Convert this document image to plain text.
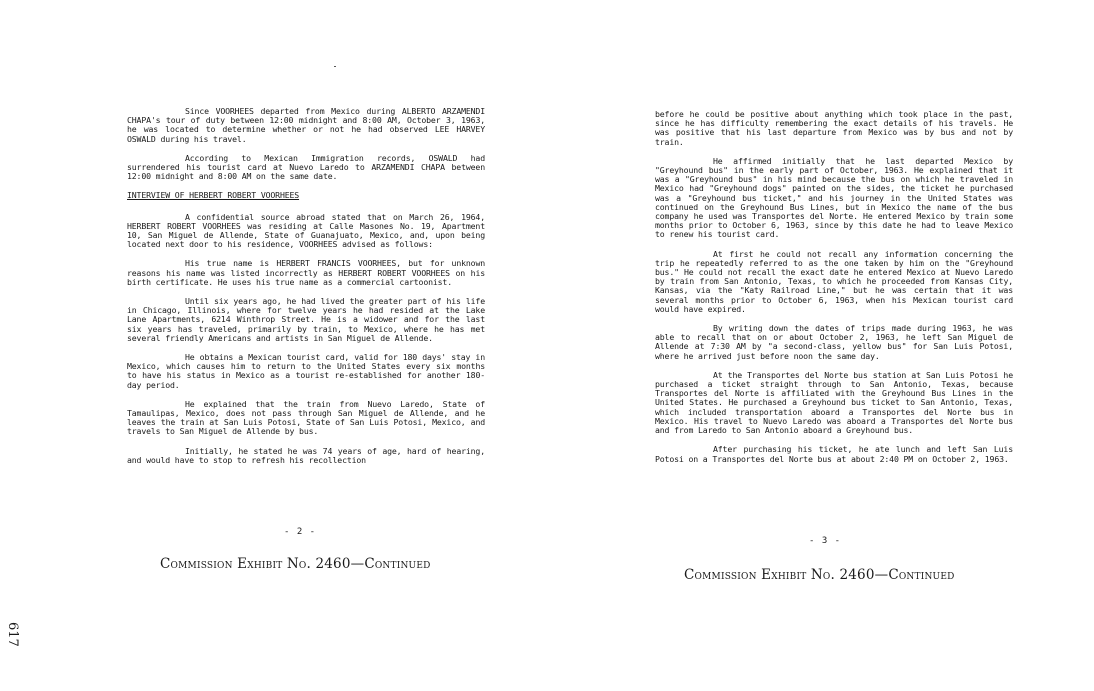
Since VOORHEES departed from Mexico during ALBERTO ARZAMENDI CHAPA's tour of duty between 12:00 midnight and 8:00 AM, October 3, 1963, he was located to determine whether or not he had observed LEE HARVEY OSWALD during his travel.

According to Mexican Immigration records, OSWALD had surrendered his tourist card at Nuevo Laredo to ARZAMENDI CHAPA between 12:00 midnight and 8:00 AM on the same date.

INTERVIEW OF HERBERT ROBERT VOORHEES

A confidential source abroad stated that on March 26, 1964, HERBERT ROBERT VOORHEES was residing at Calle Masones No. 19, Apartment 10, San Miguel de Allende, State of Guanajuato, Mexico, and, upon being located next door to his residence, VOORHEES advised as follows:

His true name is HERBERT FRANCIS VOORHEES, but for unknown reasons his name was listed incorrectly as HERBERT ROBERT VOORHEES on his birth certificate. He uses his true name as a commercial cartoonist.

Until six years ago, he had lived the greater part of his life in Chicago, Illinois, where for twelve years he had resided at the Lake Lane Apartments, 6214 Winthrop Street. He is a widower and for the last six years has traveled, primarily by train, to Mexico, where he has met several friendly Americans and artists in San Miguel de Allende.

He obtains a Mexican tourist card, valid for 180 days' stay in Mexico, which causes him to return to the United States every six months to have his status in Mexico as a tourist re-established for another 180-day period.

He explained that the train from Nuevo Laredo, State of Tamaulipas, Mexico, does not pass through San Miguel de Allende, and he leaves the train at San Luis Potosi, State of San Luis Potosi, Mexico, and travels to San Miguel de Allende by bus.

Initially, he stated he was 74 years of age, hard of hearing, and would have to stop to refresh his recollection

- 2 -
Commission Exhibit No. 2460—Continued
617

before he could be positive about anything which took place in the past, since he has difficulty remembering the exact details of his travels. He was positive that his last departure from Mexico was by bus and not by train.

He affirmed initially that he last departed Mexico by "Greyhound bus" in the early part of October, 1963. He explained that it was a "Greyhound bus" in his mind because the bus on which he traveled in Mexico had "Greyhound dogs" painted on the sides, the ticket he purchased was a "Greyhound bus ticket," and his journey in the United States was continued on the Greyhound Bus Lines, but in Mexico the name of the bus company he used was Transportes del Norte. He entered Mexico by train some months prior to October 6, 1963, since by this date he had to leave Mexico to renew his tourist card.

At first he could not recall any information concerning the trip he repeatedly referred to as the one taken by him on the "Greyhound bus." He could not recall the exact date he entered Mexico at Nuevo Laredo by train from San Antonio, Texas, to which he proceeded from Kansas City, Kansas, via the "Katy Railroad Line," but he was certain that it was several months prior to October 6, 1963, when his Mexican tourist card would have expired.

By writing down the dates of trips made during 1963, he was able to recall that on or about October 2, 1963, he left San Miguel de Allende at 7:30 AM by "a second-class, yellow bus" for San Luis Potosi, where he arrived just before noon the same day.

At the Transportes del Norte bus station at San Luis Potosi he purchased a ticket straight through to San Antonio, Texas, because Transportes del Norte is affiliated with the Greyhound Bus Lines in the United States. He purchased a Greyhound bus ticket to San Antonio, Texas, which included transportation aboard a Transportes del Norte bus in Mexico. His travel to Nuevo Laredo was aboard a Transportes del Norte bus and from Laredo to San Antonio aboard a Greyhound bus.

After purchasing his ticket, he ate lunch and left San Luis Potosi on a Transportes del Norte bus at about 2:40 PM on October 2, 1963.

- 3 -
Commission Exhibit No. 2460—Continued
